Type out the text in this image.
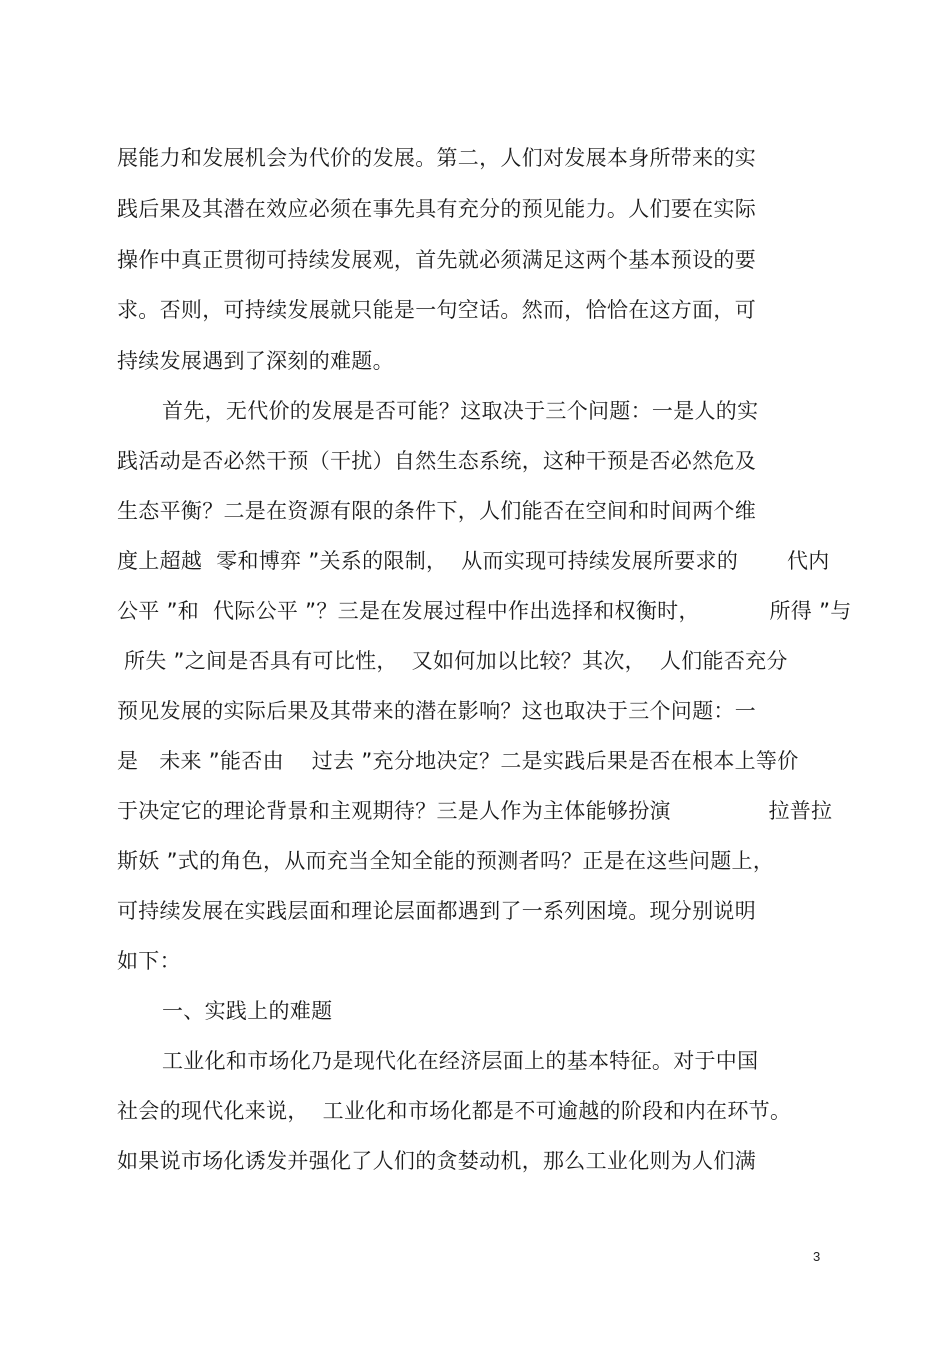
展能力和发展机会为代价的发展。第二，人们对发展本身所带来的实
践后果及其潜在效应必须在事先具有充分的预见能力。人们要在实际
操作中真正贯彻可持续发展观，首先就必须满足这两个基本预设的要
求。否则，可持续发展就只能是一句空话。然而，恰恰在这方面，可
持续发展遇到了深刻的难题。
首先，无代价的发展是否可能？这取决于三个问题：一是人的实
践活动是否必然干预（干扰）自然生态系统，这种干预是否必然危及
生态平衡？二是在资源有限的条件下，人们能否在空间和时间两个维
度上超越  零和博弈 ”关系的限制，  从而实现可持续发展所要求的       代内
公平 ”和  代际公平 ”？三是在发展过程中作出选择和权衡时，          所得 ”与
所失 ”之间是否具有可比性，  又如何加以比较？其次，  人们能否充分
预见发展的实际后果及其带来的潜在影响？这也取决于三个问题：一
是   未来 ”能否由    过去 ”充分地决定？二是实践后果是否在根本上等价
于决定它的理论背景和主观期待？三是人作为主体能够扮演              拉普拉
斯妖 ”式的角色，从而充当全知全能的预测者吗？正是在这些问题上，
可持续发展在实践层面和理论层面都遇到了一系列困境。现分别说明
如下：
一、实践上的难题
工业化和市场化乃是现代化在经济层面上的基本特征。对于中国
社会的现代化来说，  工业化和市场化都是不可逾越的阶段和内在环节。
如果说市场化诱发并强化了人们的贪婪动机，那么工业化则为人们满
3
